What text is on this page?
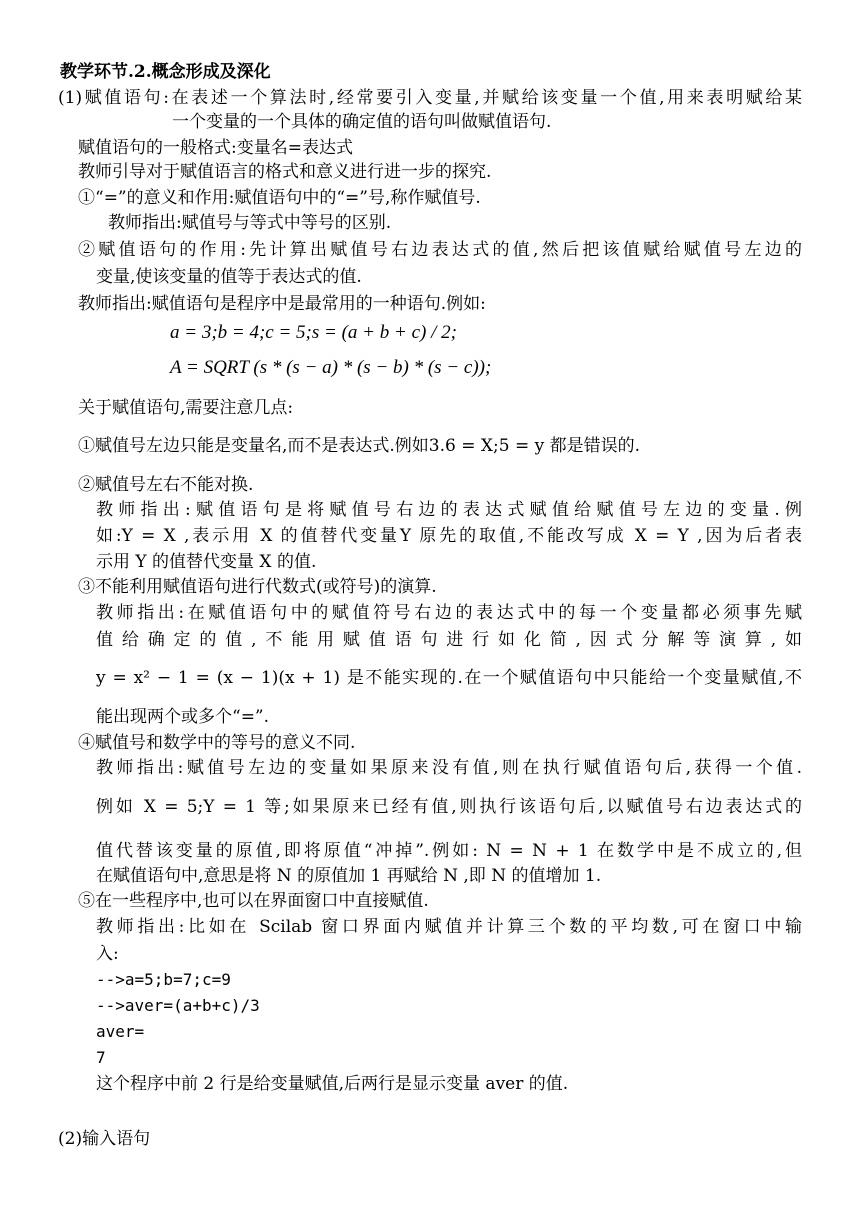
教学环节.2.概念形成及深化
(1)赋值语句:在表述一个算法时,经常要引入变量,并赋给该变量一个值,用来表明赋给某
一个变量的一个具体的确定值的语句叫做赋值语句.
赋值语句的一般格式:变量名=表达式
教师引导对于赋值语言的格式和意义进行进一步的探究.
①“=”的意义和作用:赋值语句中的“=”号,称作赋值号.
教师指出:赋值号与等式中等号的区别.
②赋值语句的作用:先计算出赋值号右边表达式的值,然后把该值赋给赋值号左边的
变量,使该变量的值等于表达式的值.
教师指出:赋值语句是程序中是最常用的一种语句.例如:
a = 3;b = 4;c = 5;s = (a + b + c) / 2;
A = SQRT (s * (s − a) * (s − b) * (s − c));
关于赋值语句,需要注意几点:
①赋值号左边只能是变量名,而不是表达式.例如3.6 = X;5 = y 都是错误的.
②赋值号左右不能对换.
教师指出:赋值语句是将赋值号右边的表达式赋值给赋值号左边的变量.例
如:Y = X ,表示用 X 的值替代变量Y 原先的取值,不能改写成 X = Y ,因为后者表
示用 Y 的值替代变量 X 的值.
③不能利用赋值语句进行代数式(或符号)的演算.
教师指出:在赋值语句中的赋值符号右边的表达式中的每一个变量都必须事先赋
值给确定的值,不能用赋值语句进行如化简,因式分解等演算,如
y = x² − 1 = (x − 1)(x + 1) 是不能实现的.在一个赋值语句中只能给一个变量赋值,不
能出现两个或多个“=”.
④赋值号和数学中的等号的意义不同.
教师指出:赋值号左边的变量如果原来没有值,则在执行赋值语句后,获得一个值.
例如 X = 5;Y = 1 等;如果原来已经有值,则执行该语句后,以赋值号右边表达式的
值代替该变量的原值,即将原值“冲掉”.例如: N = N + 1 在数学中是不成立的,但
在赋值语句中,意思是将 N 的原值加 1 再赋给 N ,即 N 的值增加 1.
⑤在一些程序中,也可以在界面窗口中直接赋值.
教师指出:比如在 Scilab 窗口界面内赋值并计算三个数的平均数,可在窗口中输
入:
-->a=5;b=7;c=9
-->aver=(a+b+c)/3
aver=
7
这个程序中前 2 行是给变量赋值,后两行是显示变量 aver 的值.
(2)输入语句
